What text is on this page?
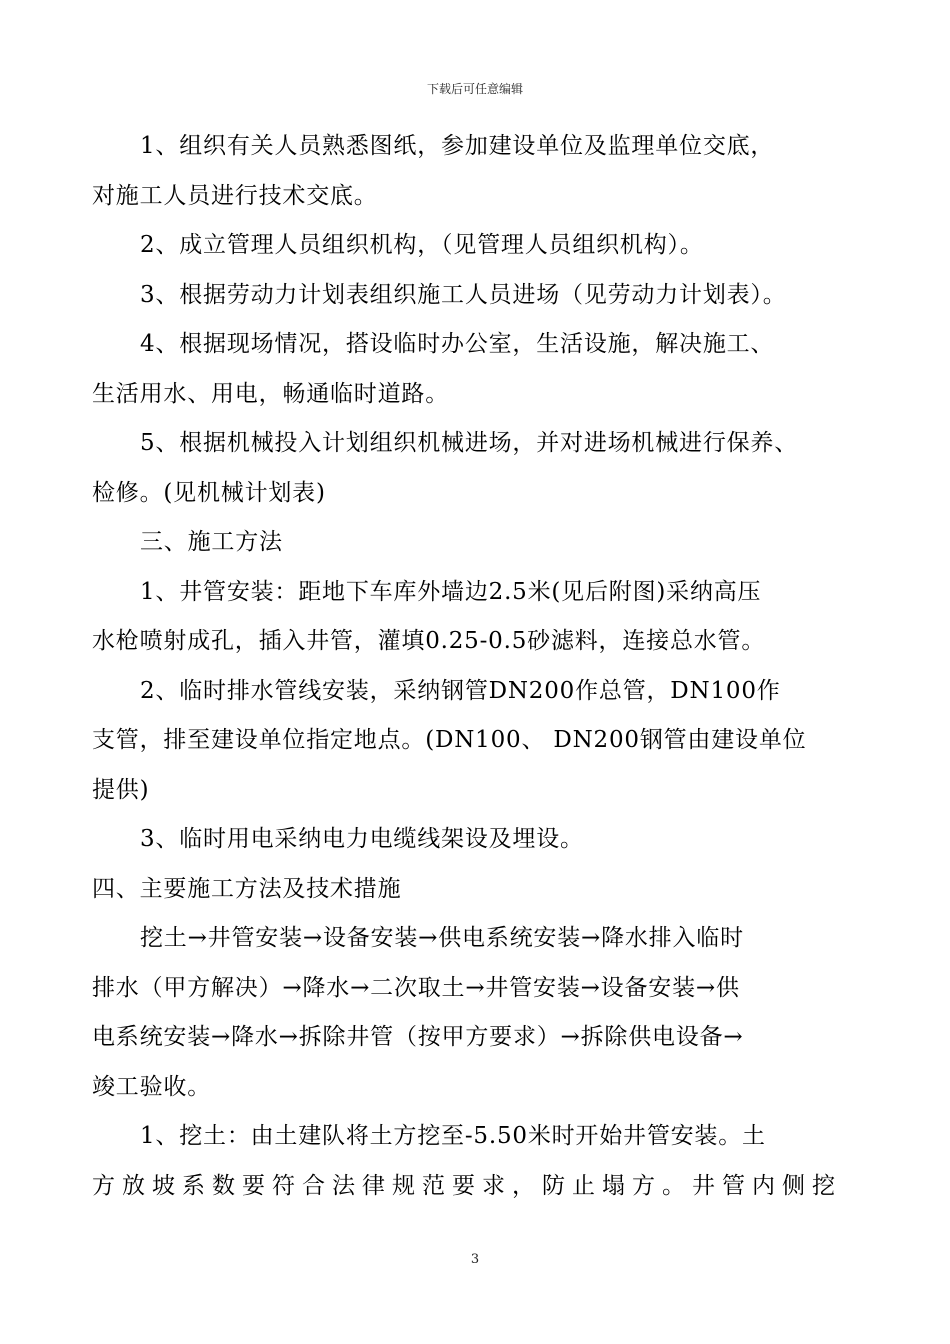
下载后可任意编辑
1、组织有关人员熟悉图纸，参加建设单位及监理单位交底，
对施工人员进行技术交底。
2、成立管理人员组织机构，（见管理人员组织机构）。
3、根据劳动力计划表组织施工人员进场（见劳动力计划表）。
4、根据现场情况，搭设临时办公室，生活设施，解决施工、
生活用水、用电，畅通临时道路。
5、根据机械投入计划组织机械进场，并对进场机械进行保养、
检修。(见机械计划表)
三、施工方法
1、井管安装：距地下车库外墙边2.5米(见后附图)采纳高压
水枪喷射成孔，插入井管，灌填0.25-0.5砂滤料，连接总水管。
2、临时排水管线安装，采纳钢管DN200作总管，DN100作
支管，排至建设单位指定地点。(DN100、 DN200钢管由建设单位
提供)
3、临时用电采纳电力电缆线架设及埋设。
四、主要施工方法及技术措施
挖土→井管安装→设备安装→供电系统安装→降水排入临时
排水（甲方解决）→降水→二次取土→井管安装→设备安装→供
电系统安装→降水→拆除井管（按甲方要求）→拆除供电设备→
竣工验收。
1、挖土：由土建队将土方挖至-5.50米时开始井管安装。土
方放坡系数要符合法律规范要求，防止塌方。井管内侧挖
3
